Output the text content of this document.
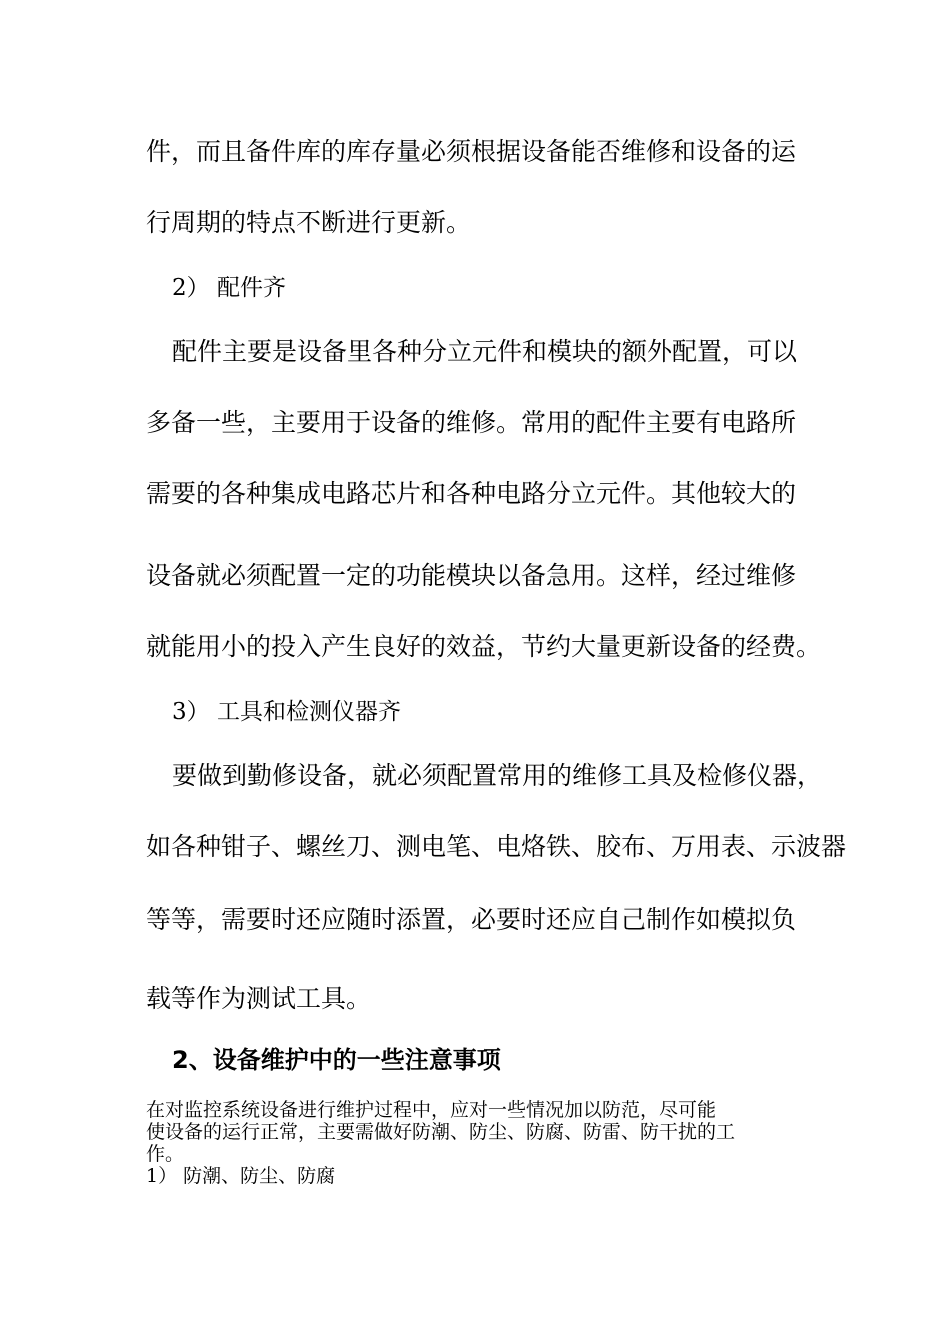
件，而且备件库的库存量必须根据设备能否维修和设备的运
行周期的特点不断进行更新。
2） 配件齐
配件主要是设备里各种分立元件和模块的额外配置，可以
多备一些，主要用于设备的维修。常用的配件主要有电路所
需要的各种集成电路芯片和各种电路分立元件。其他较大的
设备就必须配置一定的功能模块以备急用。这样，经过维修
就能用小的投入产生良好的效益，节约大量更新设备的经费。
3） 工具和检测仪器齐
要做到勤修设备，就必须配置常用的维修工具及检修仪器，
如各种钳子、螺丝刀、测电笔、电烙铁、胶布、万用表、示波器
等等，需要时还应随时添置，必要时还应自己制作如模拟负
载等作为测试工具。
2、设备维护中的一些注意事项

在对监控系统设备进行维护过程中，应对一些情况加以防范，尽可能

使设备的运行正常，主要需做好防潮、防尘、防腐、防雷、防干扰的工

作。

1） 防潮、防尘、防腐
